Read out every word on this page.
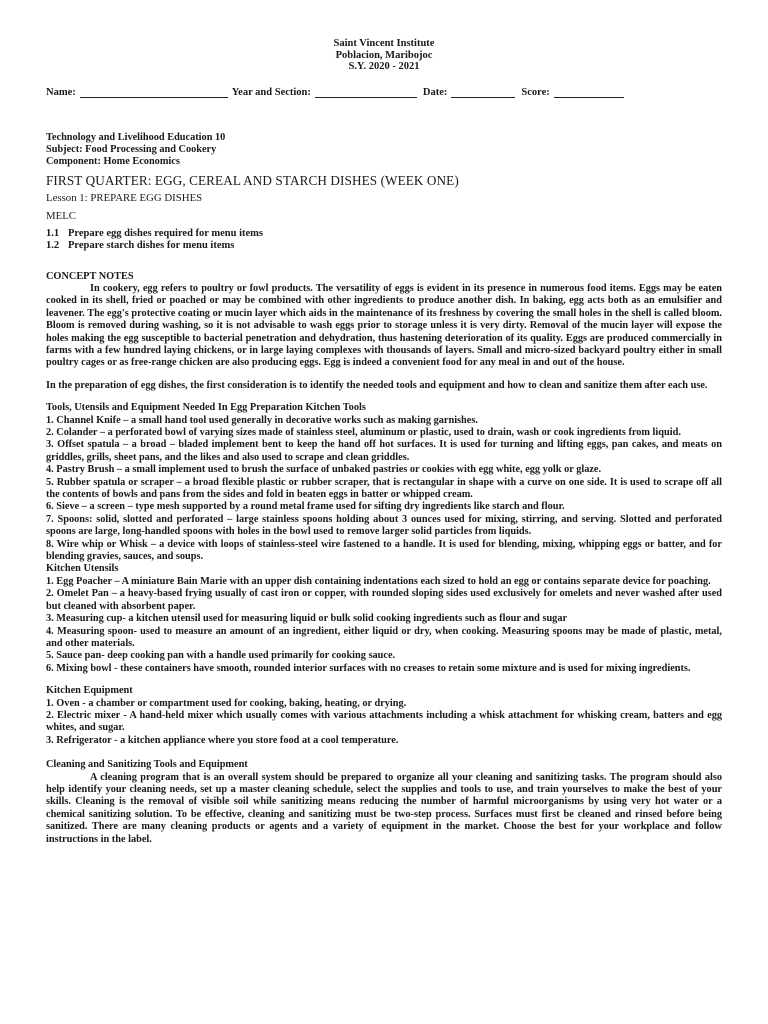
Saint Vincent Institute
Poblacion, Maribojoc
S.Y. 2020 - 2021
Name:	Year and Section:	Date:	Score:
Technology and Livelihood Education 10
Subject: Food Processing and Cookery
Component: Home Economics
FIRST QUARTER: EGG, CEREAL AND STARCH DISHES (WEEK ONE)
Lesson 1: PREPARE EGG DISHES
MELC
1.1 Prepare egg dishes required for menu items
1.2 Prepare starch dishes for menu items
CONCEPT NOTES
In cookery, egg refers to poultry or fowl products. The versatility of eggs is evident in its presence in numerous food items. Eggs may be eaten cooked in its shell, fried or poached or may be combined with other ingredients to produce another dish. In baking, egg acts both as an emulsifier and leavener. The egg's protective coating or mucin layer which aids in the maintenance of its freshness by covering the small holes in the shell is called bloom. Bloom is removed during washing, so it is not advisable to wash eggs prior to storage unless it is very dirty. Removal of the mucin layer will expose the holes making the egg susceptible to bacterial penetration and dehydration, thus hastening deterioration of its quality. Eggs are produced commercially in farms with a few hundred laying chickens, or in large laying complexes with thousands of layers. Small and micro-sized backyard poultry either in small poultry cages or as free-range chicken are also producing eggs. Egg is indeed a convenient food for any meal in and out of the house.
In the preparation of egg dishes, the first consideration is to identify the needed tools and equipment and how to clean and sanitize them after each use.
Tools, Utensils and Equipment Needed In Egg Preparation Kitchen Tools
1. Channel Knife – a small hand tool used generally in decorative works such as making garnishes.
2. Colander – a perforated bowl of varying sizes made of stainless steel, aluminum or plastic, used to drain, wash or cook ingredients from liquid.
3. Offset spatula – a broad – bladed implement bent to keep the hand off hot surfaces. It is used for turning and lifting eggs, pan cakes, and meats on griddles, grills, sheet pans, and the likes and also used to scrape and clean griddles.
4. Pastry Brush – a small implement used to brush the surface of unbaked pastries or cookies with egg white, egg yolk or glaze.
5. Rubber spatula or scraper – a broad flexible plastic or rubber scraper, that is rectangular in shape with a curve on one side. It is used to scrape off all the contents of bowls and pans from the sides and fold in beaten eggs in batter or whipped cream.
6. Sieve – a screen – type mesh supported by a round metal frame used for sifting dry ingredients like starch and flour.
7. Spoons: solid, slotted and perforated – large stainless spoons holding about 3 ounces used for mixing, stirring, and serving. Slotted and perforated spoons are large, long-handled spoons with holes in the bowl used to remove larger solid particles from liquids.
8. Wire whip or Whisk – a device with loops of stainless-steel wire fastened to a handle. It is used for blending, mixing, whipping eggs or batter, and for blending gravies, sauces, and soups.
Kitchen Utensils
1. Egg Poacher – A miniature Bain Marie with an upper dish containing indentations each sized to hold an egg or contains separate device for poaching.
2. Omelet Pan – a heavy-based frying usually of cast iron or copper, with rounded sloping sides used exclusively for omelets and never washed after used but cleaned with absorbent paper.
3. Measuring cup- a kitchen utensil used for measuring liquid or bulk solid cooking ingredients such as flour and sugar
4. Measuring spoon- used to measure an amount of an ingredient, either liquid or dry, when cooking. Measuring spoons may be made of plastic, metal, and other materials.
5. Sauce pan- deep cooking pan with a handle used primarily for cooking sauce.
6. Mixing bowl - these containers have smooth, rounded interior surfaces with no creases to retain some mixture and is used for mixing ingredients.
Kitchen Equipment
1. Oven - a chamber or compartment used for cooking, baking, heating, or drying.
2. Electric mixer - A hand-held mixer which usually comes with various attachments including a whisk attachment for whisking cream, batters and egg whites, and sugar.
3. Refrigerator - a kitchen appliance where you store food at a cool temperature.
Cleaning and Sanitizing Tools and Equipment
A cleaning program that is an overall system should be prepared to organize all your cleaning and sanitizing tasks. The program should also help identify your cleaning needs, set up a master cleaning schedule, select the supplies and tools to use, and train yourselves to make the best of your skills. Cleaning is the removal of visible soil while sanitizing means reducing the number of harmful microorganisms by using very hot water or a chemical sanitizing solution. To be effective, cleaning and sanitizing must be two-step process. Surfaces must first be cleaned and rinsed before being sanitized. There are many cleaning products or agents and a variety of equipment in the market. Choose the best for your workplace and follow instructions in the label.
